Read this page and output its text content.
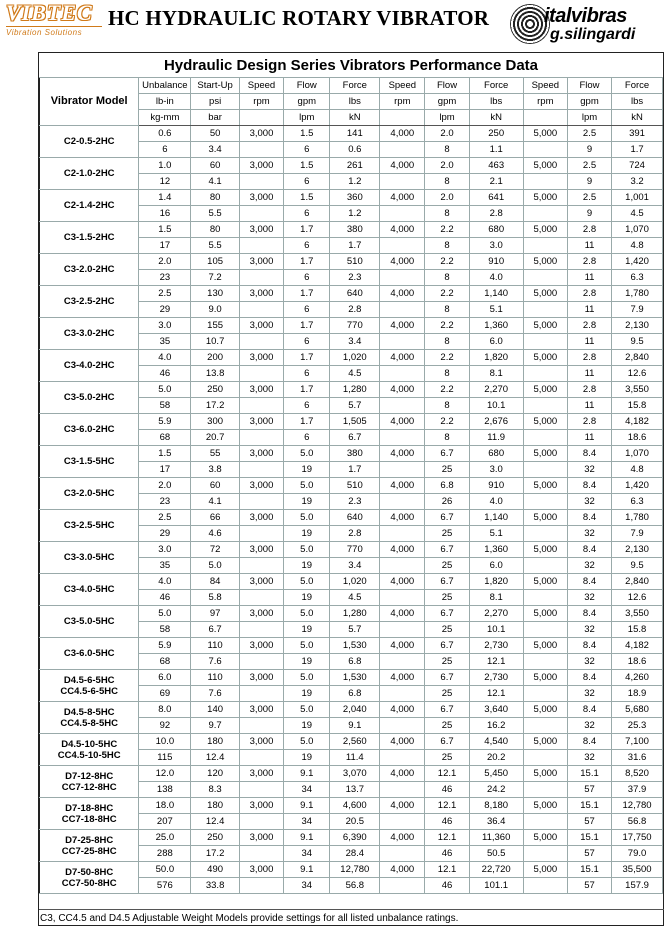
VIBTEC
Vibration Solutions
HC HYDRAULIC ROTARY VIBRATOR	italvibras
g.silingardi
Hydraulic Design Series Vibrators Performance Data
Vibrator Model	Unbalance	Start-Up	Speed	Flow	Force	Speed	Flow	Force	Speed	Flow	Force
	lb-in	psi	rpm	gpm	lbs	rpm	gpm	lbs	rpm	gpm	lbs
	kg-mm	bar		lpm	kN		lpm	kN		lpm	kN

C2-0.5-2HC	0.6	50	3,000	1.5	141	4,000	2.0	250	5,000	2.5	391
	6	3.4		6	0.6		8	1.1		9	1.7

C2-1.0-2HC	1.0	60	3,000	1.5	261	4,000	2.0	463	5,000	2.5	724
	12	4.1		6	1.2		8	2.1		9	3.2

C2-1.4-2HC	1.4	80	3,000	1.5	360	4,000	2.0	641	5,000	2.5	1,001
	16	5.5		6	1.2		8	2.8		9	4.5

C3-1.5-2HC	1.5	80	3,000	1.7	380	4,000	2.2	680	5,000	2.8	1,070
	17	5.5		6	1.7		8	3.0		11	4.8

C3-2.0-2HC	2.0	105	3,000	1.7	510	4,000	2.2	910	5,000	2.8	1,420
	23	7.2		6	2.3		8	4.0		11	6.3

C3-2.5-2HC	2.5	130	3,000	1.7	640	4,000	2.2	1,140	5,000	2.8	1,780
	29	9.0		6	2.8		8	5.1		11	7.9

C3-3.0-2HC	3.0	155	3,000	1.7	770	4,000	2.2	1,360	5,000	2.8	2,130
	35	10.7		6	3.4		8	6.0		11	9.5

C3-4.0-2HC	4.0	200	3,000	1.7	1,020	4,000	2.2	1,820	5,000	2.8	2,840
	46	13.8		6	4.5		8	8.1		11	12.6

C3-5.0-2HC	5.0	250	3,000	1.7	1,280	4,000	2.2	2,270	5,000	2.8	3,550
	58	17.2		6	5.7		8	10.1		11	15.8

C3-6.0-2HC	5.9	300	3,000	1.7	1,505	4,000	2.2	2,676	5,000	2.8	4,182
	68	20.7		6	6.7		8	11.9		11	18.6

C3-1.5-5HC	1.5	55	3,000	5.0	380	4,000	6.7	680	5,000	8.4	1,070
	17	3.8		19	1.7		25	3.0		32	4.8

C3-2.0-5HC	2.0	60	3,000	5.0	510	4,000	6.8	910	5,000	8.4	1,420
	23	4.1		19	2.3		26	4.0		32	6.3

C3-2.5-5HC	2.5	66	3,000	5.0	640	4,000	6.7	1,140	5,000	8.4	1,780
	29	4.6		19	2.8		25	5.1		32	7.9

C3-3.0-5HC	3.0	72	3,000	5.0	770	4,000	6.7	1,360	5,000	8.4	2,130
	35	5.0		19	3.4		25	6.0		32	9.5

C3-4.0-5HC	4.0	84	3,000	5.0	1,020	4,000	6.7	1,820	5,000	8.4	2,840
	46	5.8		19	4.5		25	8.1		32	12.6

C3-5.0-5HC	5.0	97	3,000	5.0	1,280	4,000	6.7	2,270	5,000	8.4	3,550
	58	6.7		19	5.7		25	10.1		32	15.8

C3-6.0-5HC	5.9	110	3,000	5.0	1,530	4,000	6.7	2,730	5,000	8.4	4,182
	68	7.6		19	6.8		25	12.1		32	18.6

D4.5-6-5HC
CC4.5-6-5HC	6.0	110	3,000	5.0	1,530	4,000	6.7	2,730	5,000	8.4	4,260
	69	7.6		19	6.8		25	12.1		32	18.9

D4.5-8-5HC
CC4.5-8-5HC	8.0	140	3,000	5.0	2,040	4,000	6.7	3,640	5,000	8.4	5,680
	92	9.7		19	9.1		25	16.2		32	25.3

D4.5-10-5HC
CC4.5-10-5HC	10.0	180	3,000	5.0	2,560	4,000	6.7	4,540	5,000	8.4	7,100
	115	12.4		19	11.4		25	20.2		32	31.6

D7-12-8HC
CC7-12-8HC	12.0	120	3,000	9.1	3,070	4,000	12.1	5,450	5,000	15.1	8,520
	138	8.3		34	13.7		46	24.2		57	37.9

D7-18-8HC
CC7-18-8HC	18.0	180	3,000	9.1	4,600	4,000	12.1	8,180	5,000	15.1	12,780
	207	12.4		34	20.5		46	36.4		57	56.8

D7-25-8HC
CC7-25-8HC	25.0	250	3,000	9.1	6,390	4,000	12.1	11,360	5,000	15.1	17,750
	288	17.2		34	28.4		46	50.5		57	79.0

D7-50-8HC
CC7-50-8HC	50.0	490	3,000	9.1	12,780	4,000	12.1	22,720	5,000	15.1	35,500
	576	33.8		34	56.8		46	101.1		57	157.9
C3, CC4.5 and D4.5 Adjustable Weight Models provide settings for all listed unbalance ratings.
